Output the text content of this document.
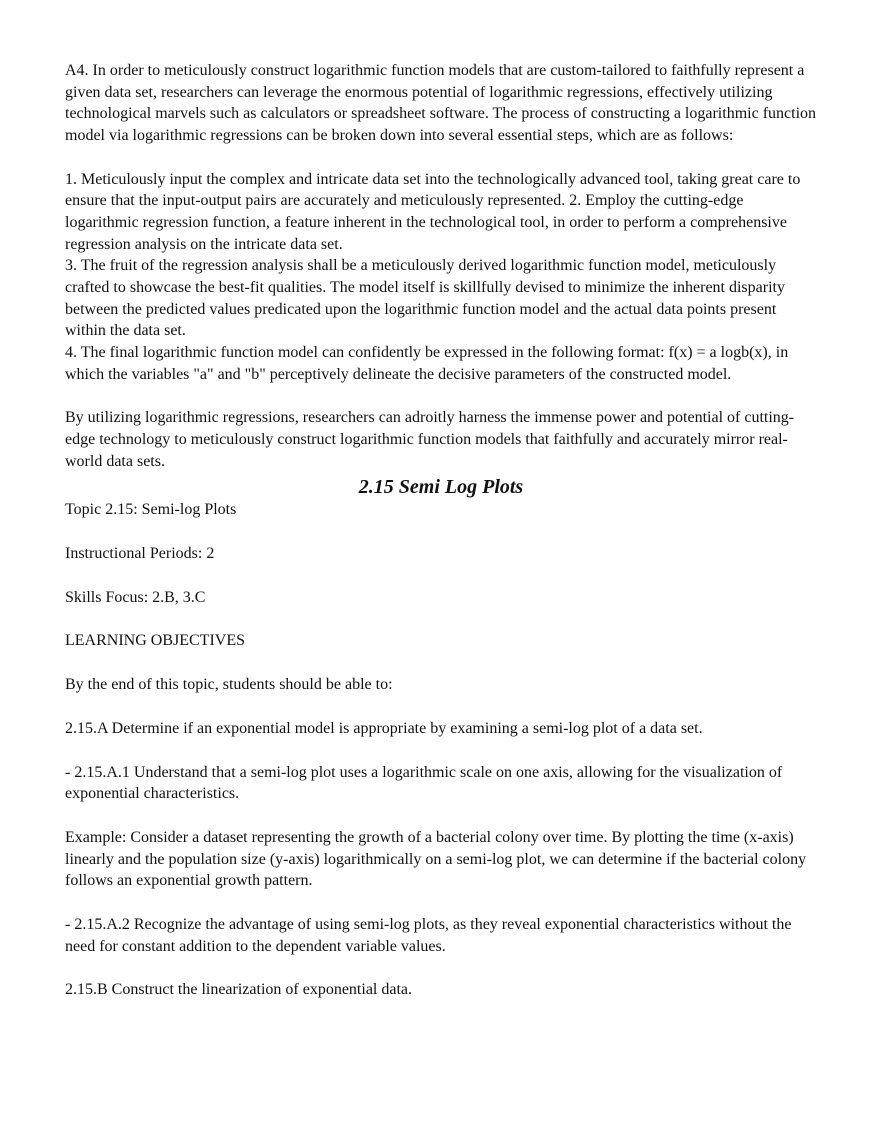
A4. In order to meticulously construct logarithmic function models that are custom-tailored to faithfully represent a given data set, researchers can leverage the enormous potential of logarithmic regressions, effectively utilizing technological marvels such as calculators or spreadsheet software. The process of constructing a logarithmic function model via logarithmic regressions can be broken down into several essential steps, which are as follows:

1. Meticulously input the complex and intricate data set into the technologically advanced tool, taking great care to ensure that the input-output pairs are accurately and meticulously represented. 2. Employ the cutting-edge logarithmic regression function, a feature inherent in the technological tool, in order to perform a comprehensive regression analysis on the intricate data set.

3. The fruit of the regression analysis shall be a meticulously derived logarithmic function model, meticulously crafted to showcase the best-fit qualities. The model itself is skillfully devised to minimize the inherent disparity between the predicted values predicated upon the logarithmic function model and the actual data points present within the data set.

4. The final logarithmic function model can confidently be expressed in the following format: f(x) = a logb(x), in which the variables "a" and "b" perceptively delineate the decisive parameters of the constructed model.

By utilizing logarithmic regressions, researchers can adroitly harness the immense power and potential of cutting-edge technology to meticulously construct logarithmic function models that faithfully and accurately mirror real-world data sets.

2.15 Semi Log Plots

Topic 2.15: Semi-log Plots

Instructional Periods: 2

Skills Focus: 2.B, 3.C

LEARNING OBJECTIVES

By the end of this topic, students should be able to:

2.15.A Determine if an exponential model is appropriate by examining a semi-log plot of a data set.

- 2.15.A.1 Understand that a semi-log plot uses a logarithmic scale on one axis, allowing for the visualization of exponential characteristics.

Example: Consider a dataset representing the growth of a bacterial colony over time. By plotting the time (x-axis) linearly and the population size (y-axis) logarithmically on a semi-log plot, we can determine if the bacterial colony follows an exponential growth pattern.

- 2.15.A.2 Recognize the advantage of using semi-log plots, as they reveal exponential characteristics without the need for constant addition to the dependent variable values.

2.15.B Construct the linearization of exponential data.
